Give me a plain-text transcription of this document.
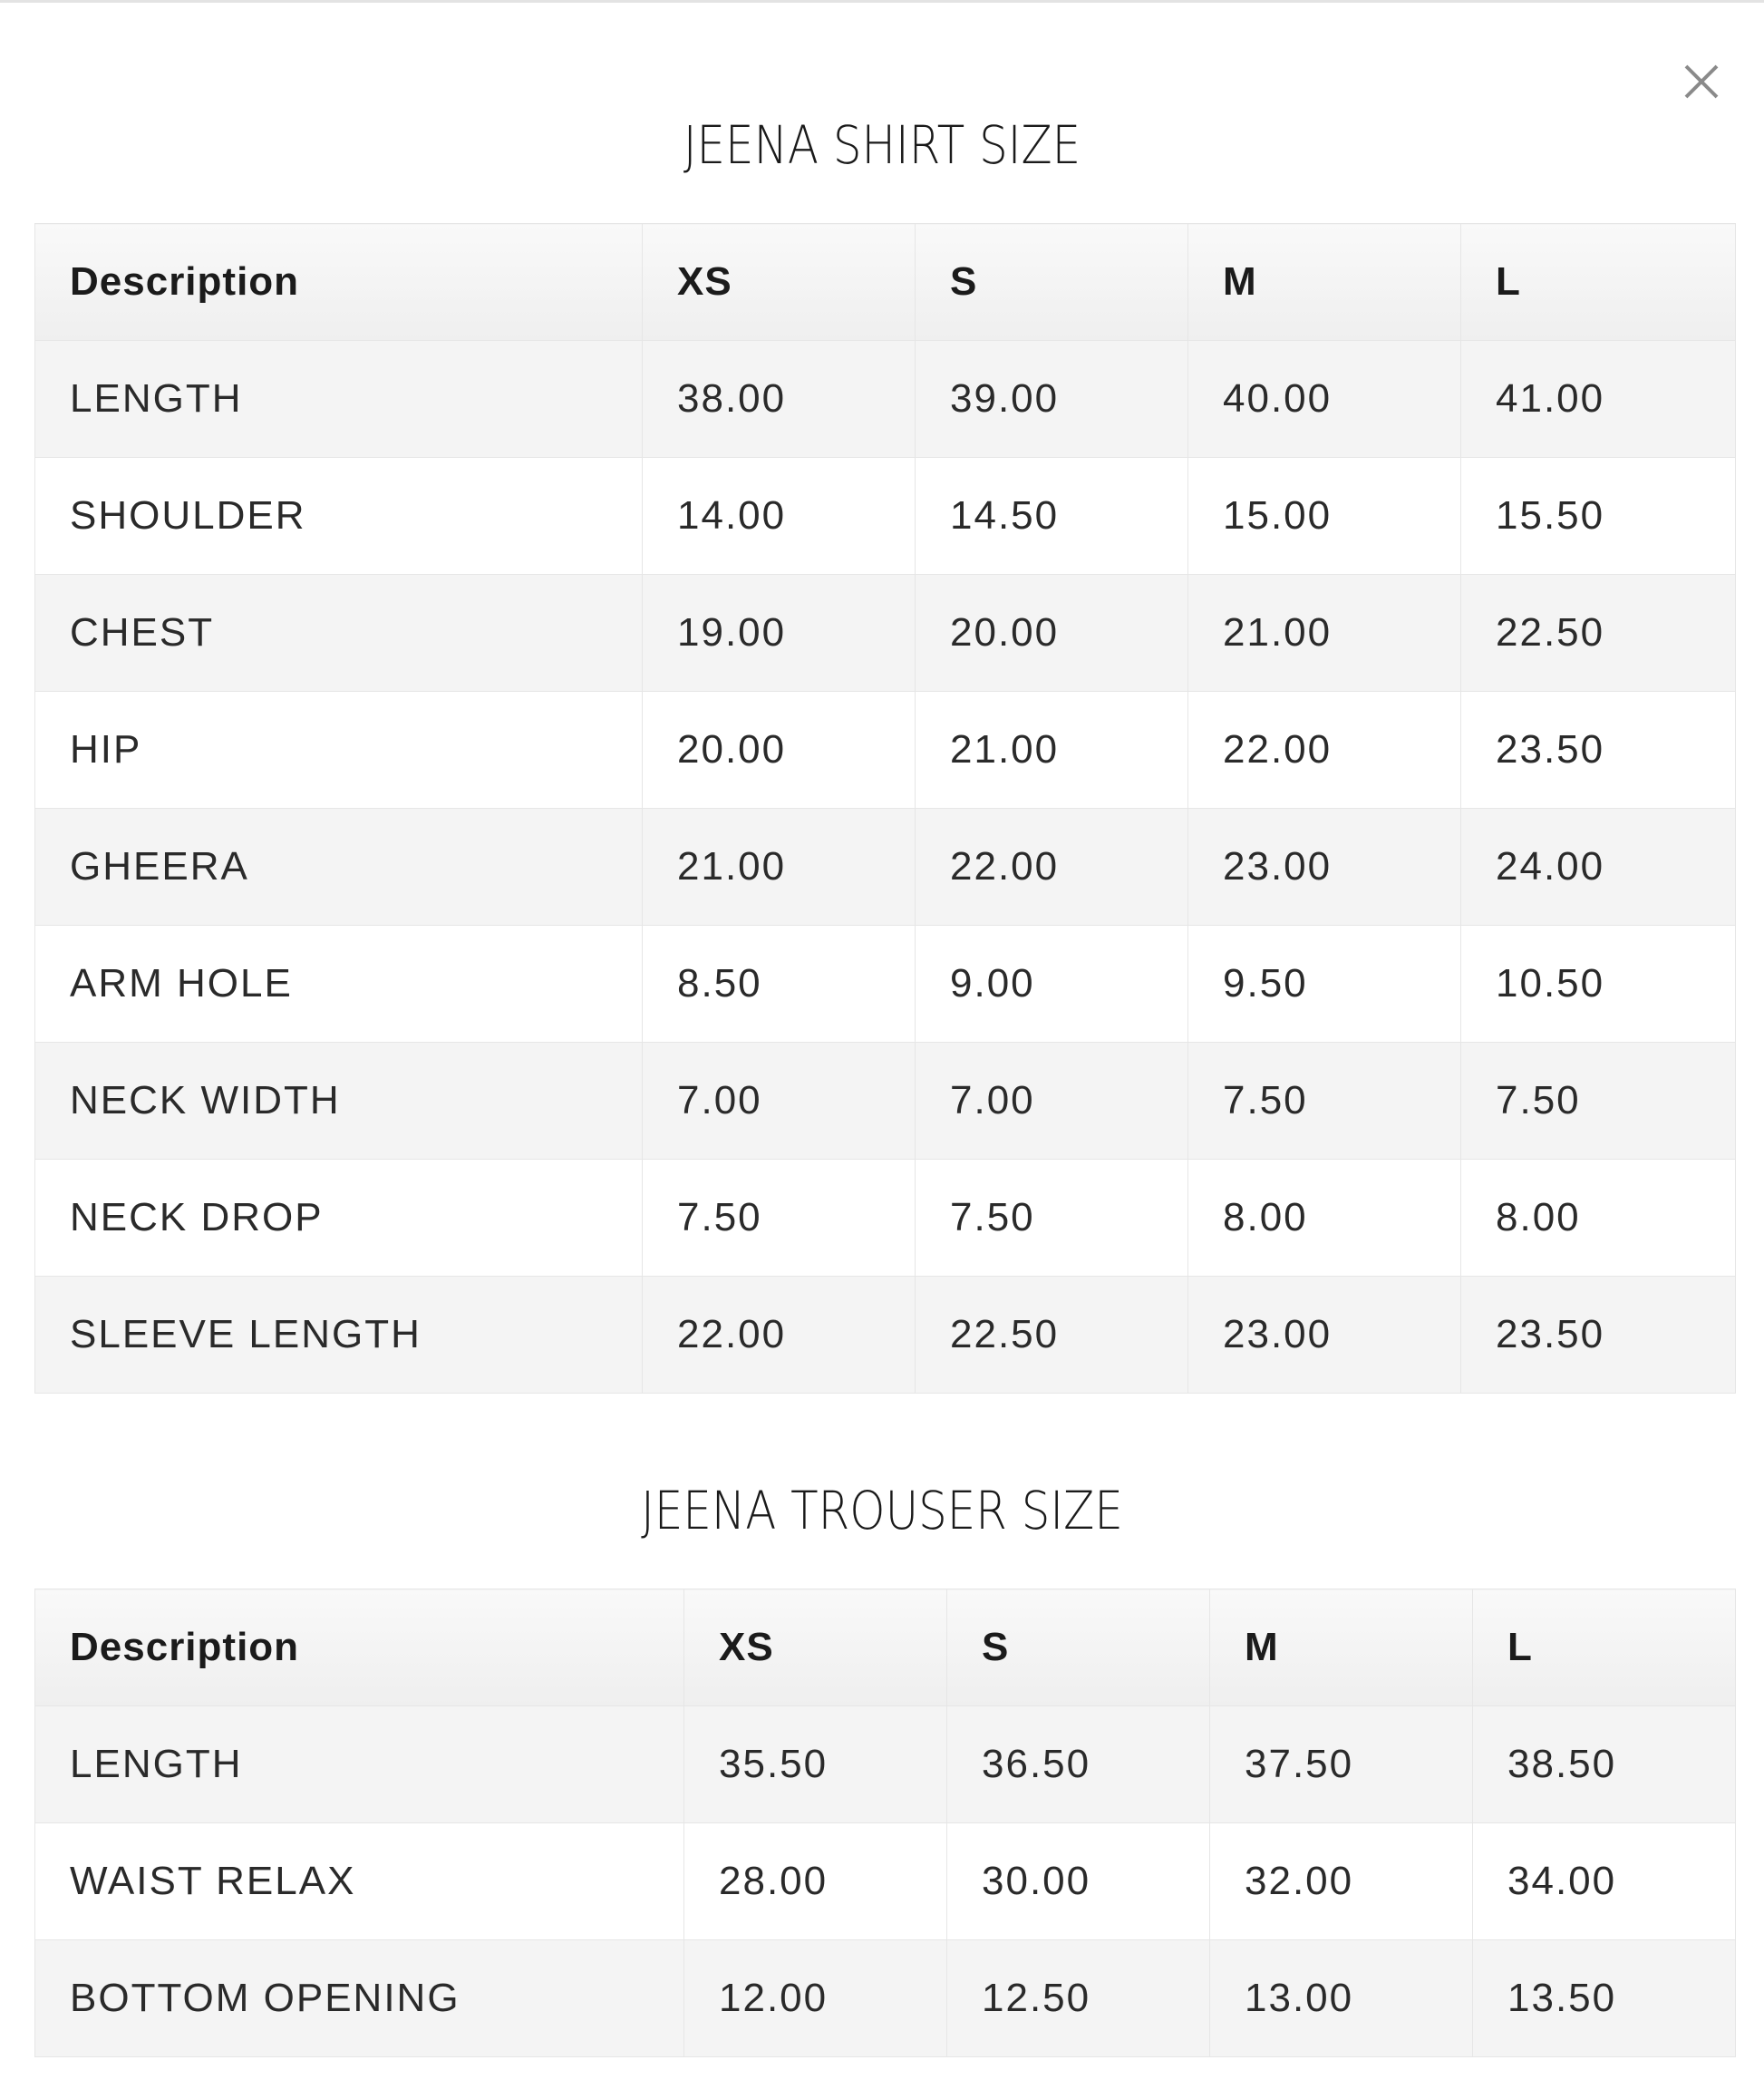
JEENA SHIRT SIZE
Description	XS	S	M	L
LENGTH	38.00	39.00	40.00	41.00
SHOULDER	14.00	14.50	15.00	15.50
CHEST	19.00	20.00	21.00	22.50
HIP	20.00	21.00	22.00	23.50
GHEERA	21.00	22.00	23.00	24.00
ARM HOLE	8.50	9.00	9.50	10.50
NECK WIDTH	7.00	7.00	7.50	7.50
NECK DROP	7.50	7.50	8.00	8.00
SLEEVE LENGTH	22.00	22.50	23.00	23.50
JEENA TROUSER SIZE
Description	XS	S	M	L
LENGTH	35.50	36.50	37.50	38.50
WAIST RELAX	28.00	30.00	32.00	34.00
BOTTOM OPENING	12.00	12.50	13.00	13.50
